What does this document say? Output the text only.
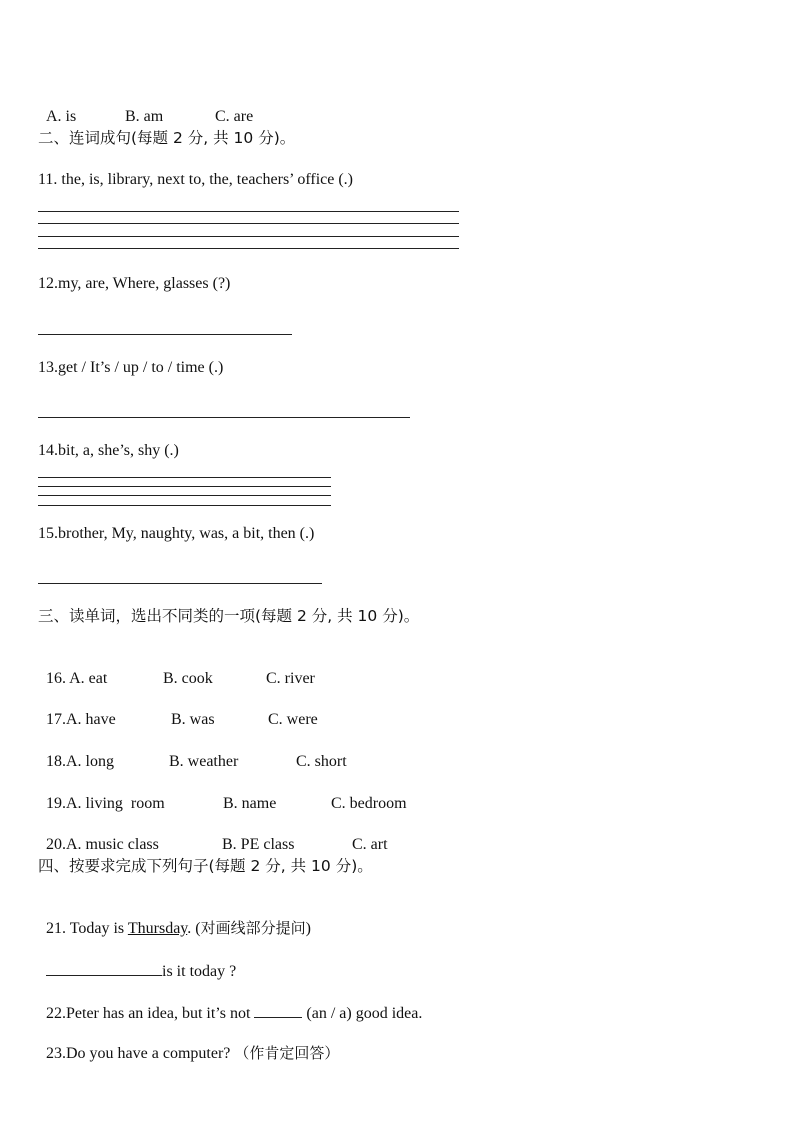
A. is	B. am	C. are

二、连词成句(每题 2 分, 共 10 分)。
11. the, is, library, next to, the, teachers’ office (.)
12.my, are, Where, glasses (?)
13.get / It’s / up / to / time (.)
14.bit, a, she’s, shy (.)
15.brother, My, naughty, was, a bit, then (.)
三、读单词，选出不同类的一项(每题 2 分, 共 10 分)。

16. A. eat	B. cook	C. river

17.A. have	B. was	C. were

18.A. long	B. weather	C. short

19.A. living  room	B. name	C. bedroom

20.A. music class	B. PE class	C. art

四、按要求完成下列句子(每题 2 分, 共 10 分)。

21. Today is Thursday. (对画线部分提问)

is it today ?

22.Peter has an idea, but it’s not	(an / a) good idea.

23.Do you have a computer? （作肯定回答）
